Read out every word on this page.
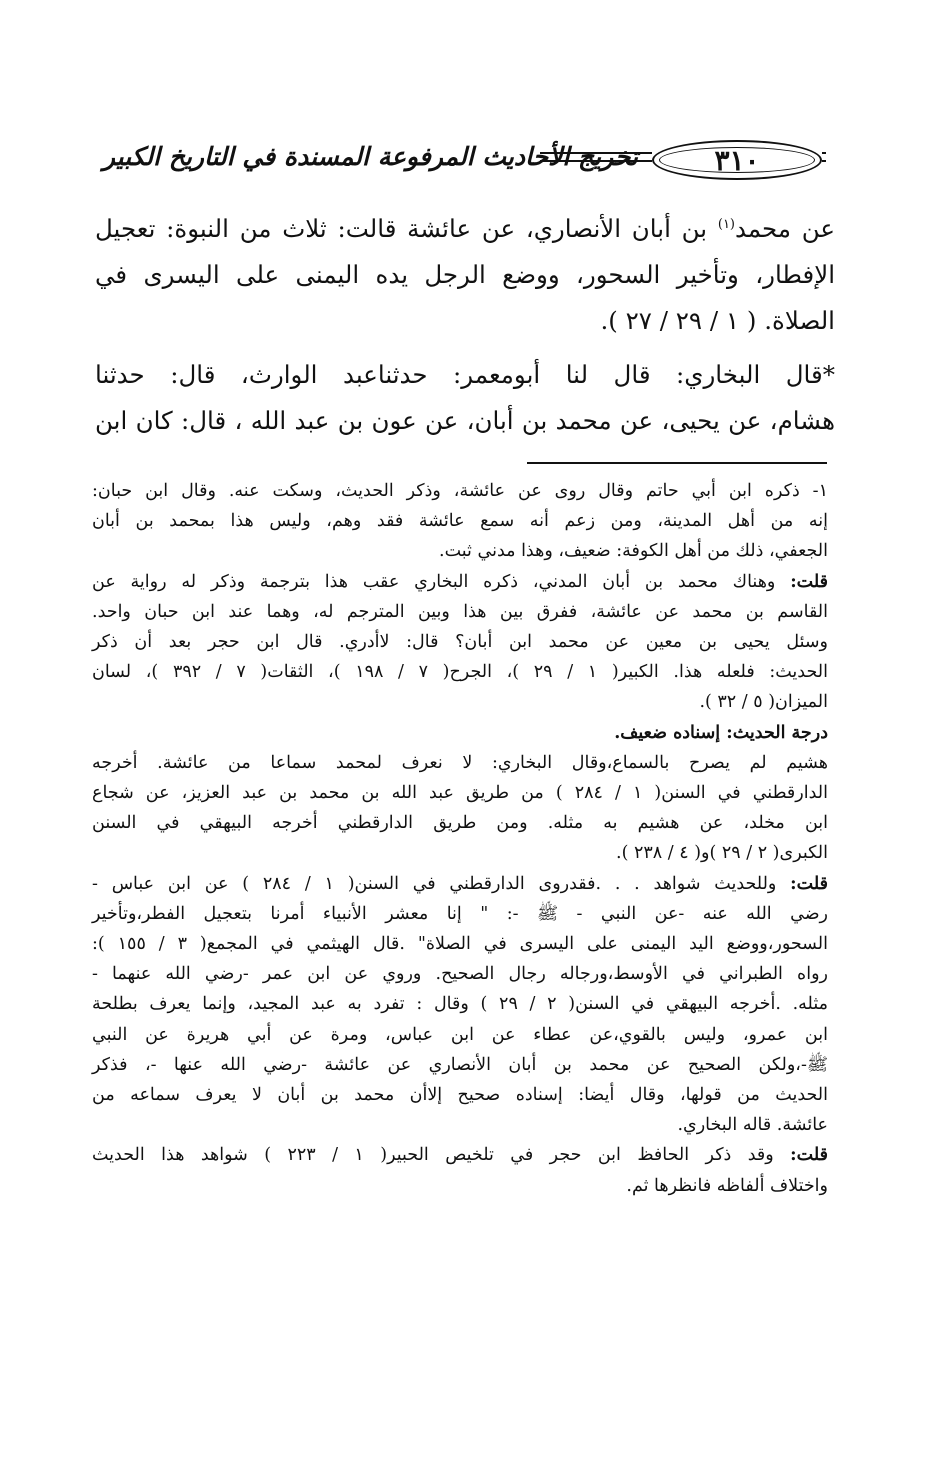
تخريج الأحاديث المرفوعة المسندة في التاريخ الكبير	٣١٠

عن محمد$^{(١)}$ بن أبان الأنصاري، عن عائشة قالت: ثلاث من النبوة: تعجيل
الإفطار، وتأخير السحور، ووضع الرجل يده اليمنى على اليسرى في
الصلاة. ( ١ / ٢٩ / ٢٧ ).

*قال البخاري: قال لنا أبومعمر: حدثناعبد الوارث، قال: حدثنا
هشام، عن يحيى، عن محمد بن أبان، عن عون بن عبد الله ، قال: كان ابن

١- ذكره ابن أبي حاتم وقال روى عن عائشة، وذكر الحديث، وسكت عنه. وقال ابن حبان:
إنه من أهل المدينة، ومن زعم أنه سمع عائشة فقد وهم، وليس هذا بمحمد بن أبان
الجعفي، ذلك من أهل الكوفة: ضعيف، وهذا مدني ثبت.
قلت: وهناك محمد بن أبان المدني، ذكره البخاري عقب هذا بترجمة وذكر له رواية عن
القاسم بن محمد عن عائشة، ففرق بين هذا وبين المترجم له، وهما عند ابن حبان واحد.
وسئل يحيى بن معين عن محمد ابن أبان؟ قال: لاأدري. قال ابن حجر بعد أن ذكر
الحديث: فلعله هذا. الكبير( ١ / ٢٩ )، الجرح( ٧ / ١٩٨ )، الثقات( ٧ / ٣٩٢ )، لسان
الميزان( ٥ / ٣٢ ).
درجة الحديث: إسناده ضعيف.
هشيم لم يصرح بالسماع،وقال البخاري: لا نعرف لمحمد سماعا من عائشة. أخرجه
الدارقطني في السنن( ١ / ٢٨٤ ) من طريق عبد الله بن محمد بن عبد العزيز، عن شجاع
ابن مخلد، عن هشيم به مثله. ومن طريق الدارقطني أخرجه البيهقي في السنن
الكبرى( ٢ / ٢٩ )و( ٤ / ٢٣٨ ).
قلت: وللحديث شواهد . . .فقدروى الدارقطني في السنن( ١ / ٢٨٤ ) عن ابن عباس -
رضي الله عنه -عن النبي - ﷺ -: " إنا معشر الأنبياء أمرنا بتعجيل الفطر،وتأخير
السحور،ووضع اليد اليمنى على اليسرى في الصلاة" .قال الهيثمي في المجمع( ٣ / ١٥٥ ):
رواه الطبراني في الأوسط،ورجاله رجال الصحيح. وروي عن ابن عمر -رضي الله عنهما -
مثله. .أخرجه البيهقي في السنن( ٢ / ٢٩ ) وقال : تفرد به عبد المجيد، وإنما يعرف بطلحة
ابن عمرو، وليس بالقوي،عن عطاء عن ابن عباس، ومرة عن أبي هريرة عن النبي
ﷺ-،ولكن الصحيح عن محمد بن أبان الأنصاري عن عائشة -رضي الله عنها -، فذكر
الحديث من قولها، وقال أيضا: إسناده صحيح إلاأن محمد بن أبان لا يعرف سماعه من
عائشة. قاله البخاري.
قلت: وقد ذكر الحافظ ابن حجر في تلخيص الحبير( ١ / ٢٢٣ ) شواهد هذا الحديث
واختلاف ألفاظه فانظرها ثم.
